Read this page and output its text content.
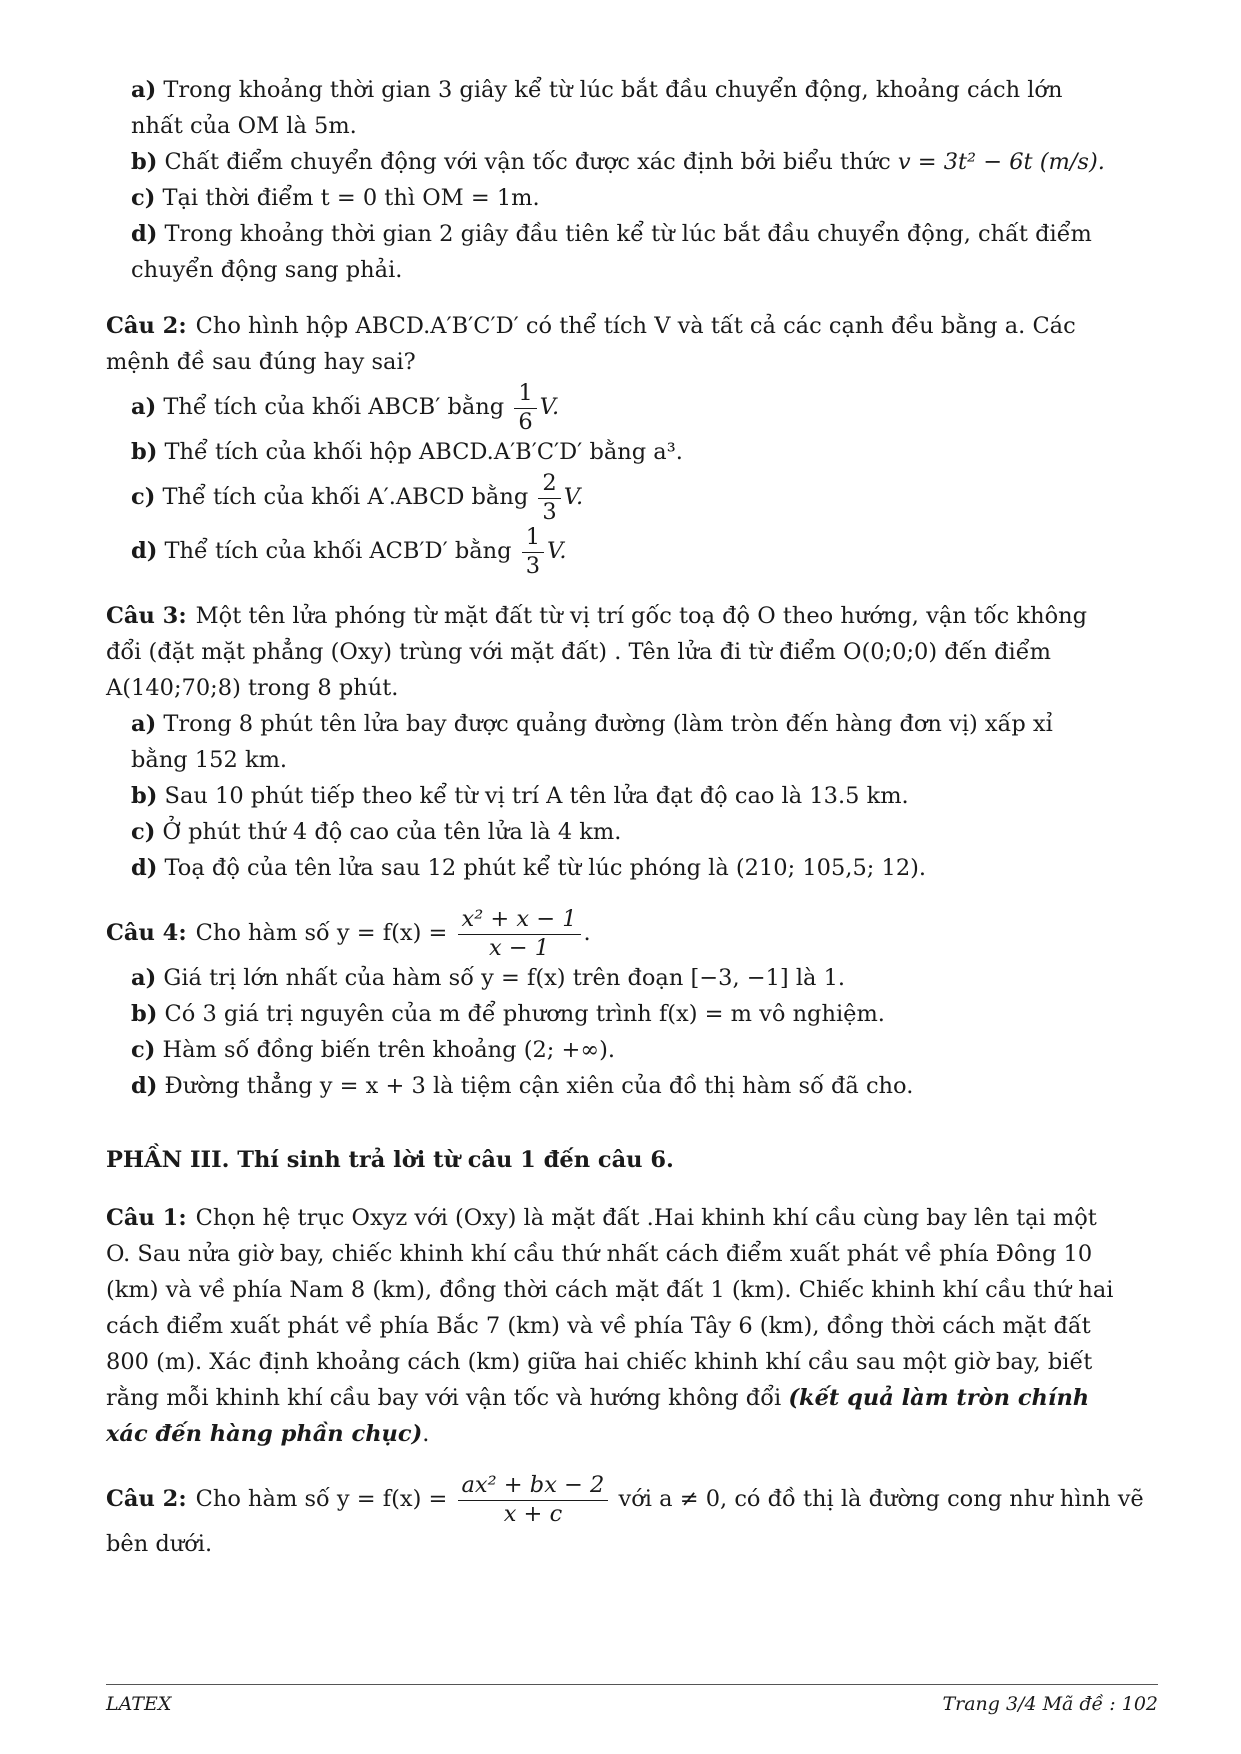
a) Trong khoảng thời gian 3 giây kể từ lúc bắt đầu chuyển động, khoảng cách lớn
nhất của OM là 5m.
b) Chất điểm chuyển động với vận tốc được xác định bởi biểu thức v = 3t² − 6t (m/s).
c) Tại thời điểm t = 0 thì OM = 1m.
d) Trong khoảng thời gian 2 giây đầu tiên kể từ lúc bắt đầu chuyển động, chất điểm
chuyển động sang phải.
Câu 2: Cho hình hộp ABCD.A′B′C′D′ có thể tích V và tất cả các cạnh đều bằng a. Các
mệnh đề sau đúng hay sai?
a) Thể tích của khối ABCB′ bằng $\frac{1}{6} V$.
b) Thể tích của khối hộp ABCD.A′B′C′D′ bằng a³.
c) Thể tích của khối A′.ABCD bằng $\frac{2}{3} V$.
d) Thể tích của khối ACB′D′ bằng $\frac{1}{3} V$.
Câu 3: Một tên lửa phóng từ mặt đất từ vị trí gốc toạ độ O theo hướng, vận tốc không
đổi (đặt mặt phẳng (Oxy) trùng với mặt đất) . Tên lửa đi từ điểm O(0;0;0) đến điểm
A(140;70;8) trong 8 phút.
a) Trong 8 phút tên lửa bay được quảng đường (làm tròn đến hàng đơn vị) xấp xỉ
bằng 152 km.
b) Sau 10 phút tiếp theo kể từ vị trí A tên lửa đạt độ cao là 13.5 km.
c) Ở phút thứ 4 độ cao của tên lửa là 4 km.
d) Toạ độ của tên lửa sau 12 phút kể từ lúc phóng là (210; 105,5; 12).
Câu 4: Cho hàm số $y = f(x) = \frac{\text{x² + x − 1}}{x - 1}$ .
a) Giá trị lớn nhất của hàm số y = f(x) trên đoạn [−3, −1] là 1.
b) Có 3 giá trị nguyên của m để phương trình f(x) = m vô nghiệm.
c) Hàm số đồng biến trên khoảng (2; +∞).
d) Đường thẳng y = x + 3 là tiệm cận xiên của đồ thị hàm số đã cho.
PHẦN III. Thí sinh trả lời từ câu 1 đến câu 6.
Câu 1: Chọn hệ trục Oxyz với (Oxy) là mặt đất .Hai khinh khí cầu cùng bay lên tại một
O. Sau nửa giờ bay, chiếc khinh khí cầu thứ nhất cách điểm xuất phát về phía Đông 10
(km) và về phía Nam 8 (km), đồng thời cách mặt đất 1 (km). Chiếc khinh khí cầu thứ hai
cách điểm xuất phát về phía Bắc 7 (km) và về phía Tây 6 (km), đồng thời cách mặt đất
800 (m). Xác định khoảng cách (km) giữa hai chiếc khinh khí cầu sau một giờ bay, biết
rằng mỗi khinh khí cầu bay với vận tốc và hướng không đổi (kết quả làm tròn chính
xác đến hàng phần chục).
Câu 2: Cho hàm số $y = f(x) = \frac{\text{ax² + bx − 2}}{x + c}$ với a ≠ 0, có đồ thị là đường cong như hình vẽ
bên dưới.
LATEX	Trang 3/4 Mã đề : 102
